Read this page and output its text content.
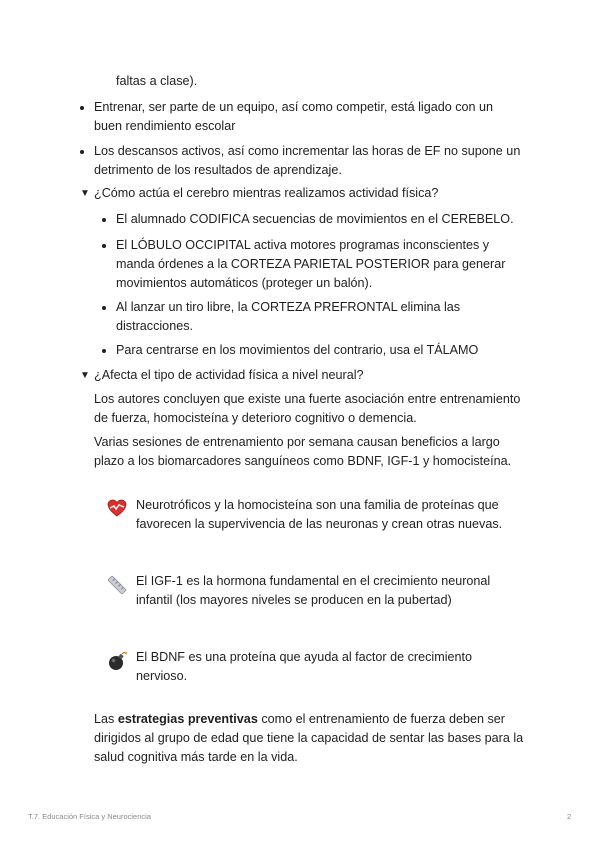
faltas a clase).
Entrenar, ser parte de un equipo, así como competir, está ligado con un buen rendimiento escolar
Los descansos activos, así como incrementar las horas de EF no supone un detrimento de los resultados de aprendizaje.
▼ ¿Cómo actúa el cerebro mientras realizamos actividad física?
El alumnado CODIFICA secuencias de movimientos en el CEREBELO.
El LÓBULO OCCIPITAL activa motores programas inconscientes y manda órdenes a la CORTEZA PARIETAL POSTERIOR para generar movimientos automáticos (proteger un balón).
Al lanzar un tiro libre, la CORTEZA PREFRONTAL elimina las distracciones.
Para centrarse en los movimientos del contrario, usa el TÁLAMO
▼ ¿Afecta el tipo de actividad física a nivel neural?
Los autores concluyen que existe una fuerte asociación entre entrenamiento de fuerza, homocisteína y deterioro cognitivo o demencia.
Varias sesiones de entrenamiento por semana causan beneficios a largo plazo a los biomarcadores sanguíneos como BDNF, IGF-1 y homocisteína.
Neurotróficos y la homocisteína son una familia de proteínas que favorecen la supervivencia de las neuronas y crean otras nuevas.
El IGF-1 es la hormona fundamental en el crecimiento neuronal infantil (los mayores niveles se producen en la pubertad)
El BDNF es una proteína que ayuda al factor de crecimiento nervioso.
Las estrategias preventivas como el entrenamiento de fuerza deben ser dirigidos al grupo de edad que tiene la capacidad de sentar las bases para la salud cognitiva más tarde en la vida.
T.7. Educación Física y Neurociencia	2
